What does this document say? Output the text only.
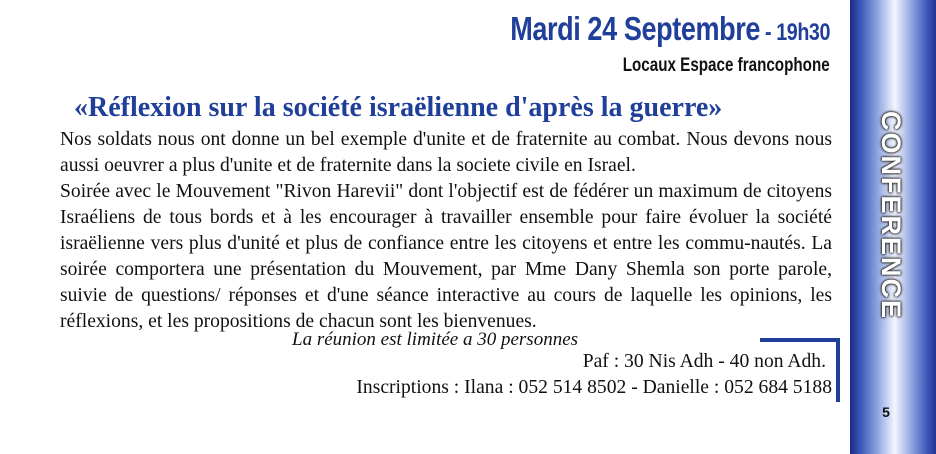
Mardi 24 Septembre - 19h30
Locaux Espace francophone
«Réflexion sur la société israëlienne d'après la guerre»

Nos soldats nous ont donne un bel exemple d'unite et de fraternite au combat. Nous devons nous aussi oeuvrer a plus d'unite et de fraternite dans la societe civile en Israel.

Soirée avec le Mouvement "Rivon Harevii" dont l'objectif est de fédérer un maximum de citoyens Israéliens de tous bords et à les encourager à travailler ensemble pour faire évoluer la société israëlienne vers plus d'unité et plus de confiance entre les citoyens et entre les commu-nautés. La soirée comportera une présentation du Mouvement, par Mme Dany Shemla son porte parole, suivie de questions/ réponses et d'une séance interactive au cours de laquelle les opinions, les réflexions, et les propositions de chacun sont les bienvenues.

La réunion est limitée a 30 personnes
Paf : 30 Nis Adh - 40 non Adh.
Inscriptions : Ilana : 052 514 8502 - Danielle : 052 684 5188
CONFERENCE
5
